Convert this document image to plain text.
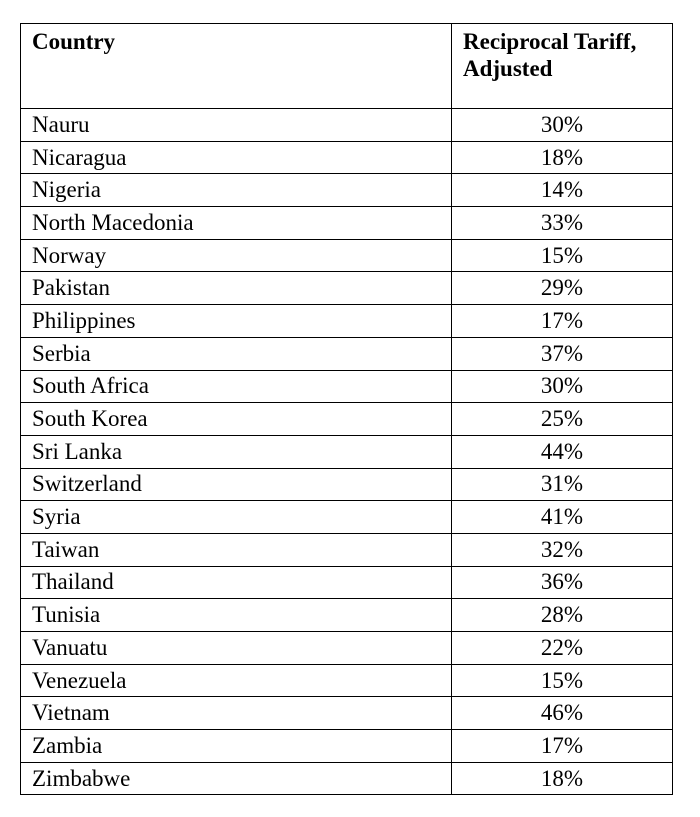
Country	Reciprocal Tariff,
Adjusted
Nauru	30%
Nicaragua	18%
Nigeria	14%
North Macedonia	33%
Norway	15%
Pakistan	29%
Philippines	17%
Serbia	37%
South Africa	30%
South Korea	25%
Sri Lanka	44%
Switzerland	31%
Syria	41%
Taiwan	32%
Thailand	36%
Tunisia	28%
Vanuatu	22%
Venezuela	15%
Vietnam	46%
Zambia	17%
Zimbabwe	18%
